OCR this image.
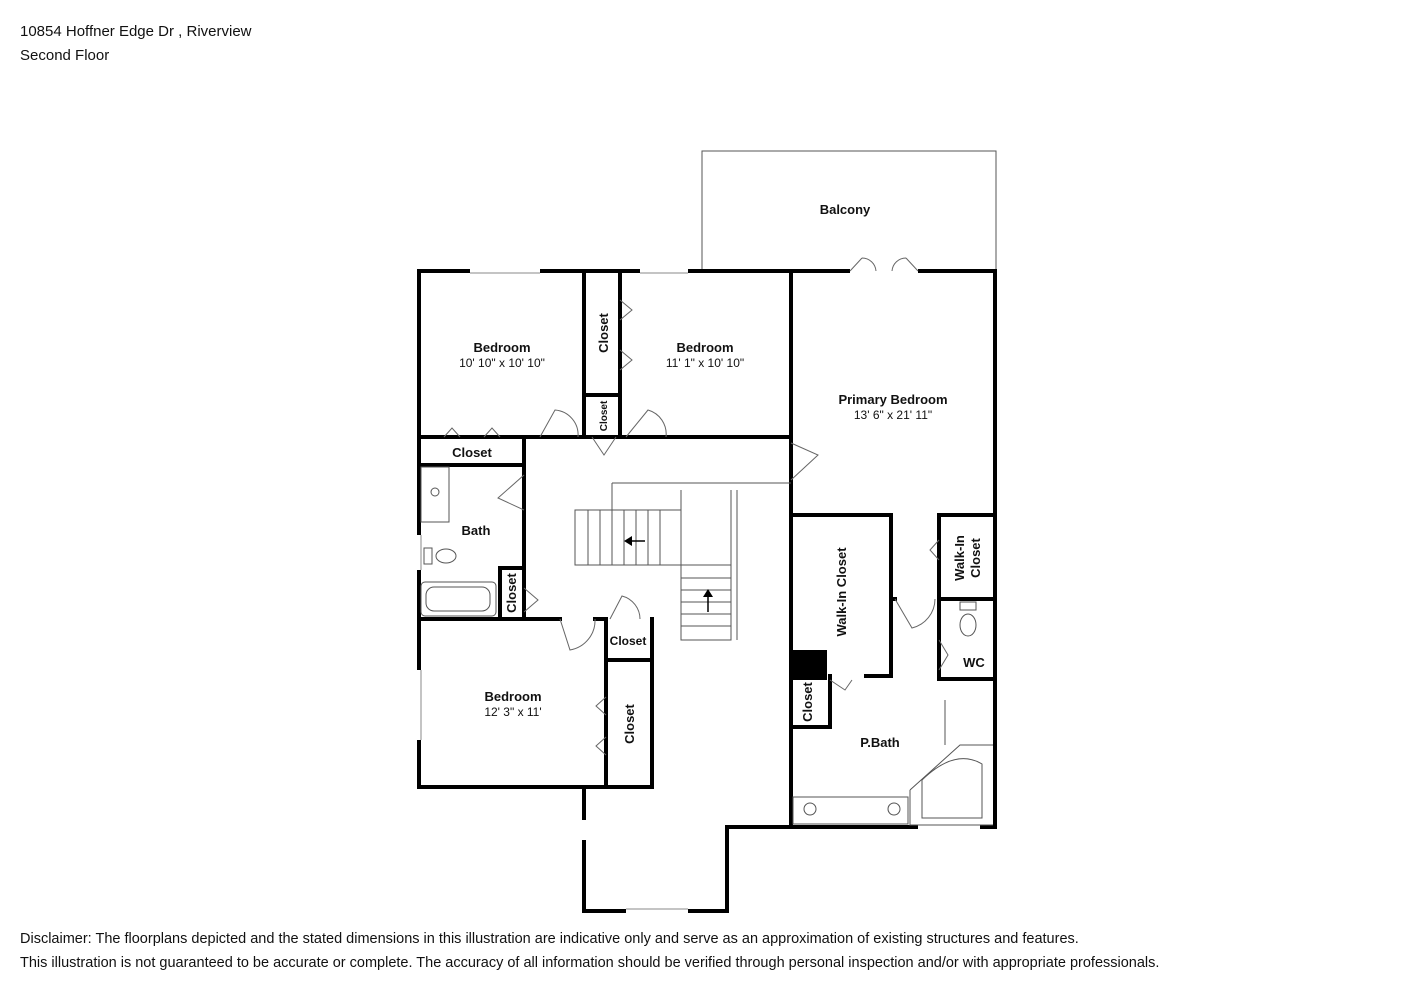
10854 Hoffner Edge Dr , Riverview
Second Floor
Balcony
Bedroom
10' 10" x 10' 10"
Bedroom
11' 1" x 10' 10"
Primary Bedroom
13' 6" x 21' 11"
Bedroom
12' 3" x 11'
Closet
Bath
Closet
P.Bath
WC
Closet
Closet
Closet
Closet
Closet
Walk-In Closet	Walk-In Closet
Disclaimer: The floorplans depicted and the stated dimensions in this illustration are indicative only and serve as an approximation of existing structures and features.
This illustration is not guaranteed to be accurate or complete. The accuracy of all information should be verified through personal inspection and/or with appropriate professionals.
